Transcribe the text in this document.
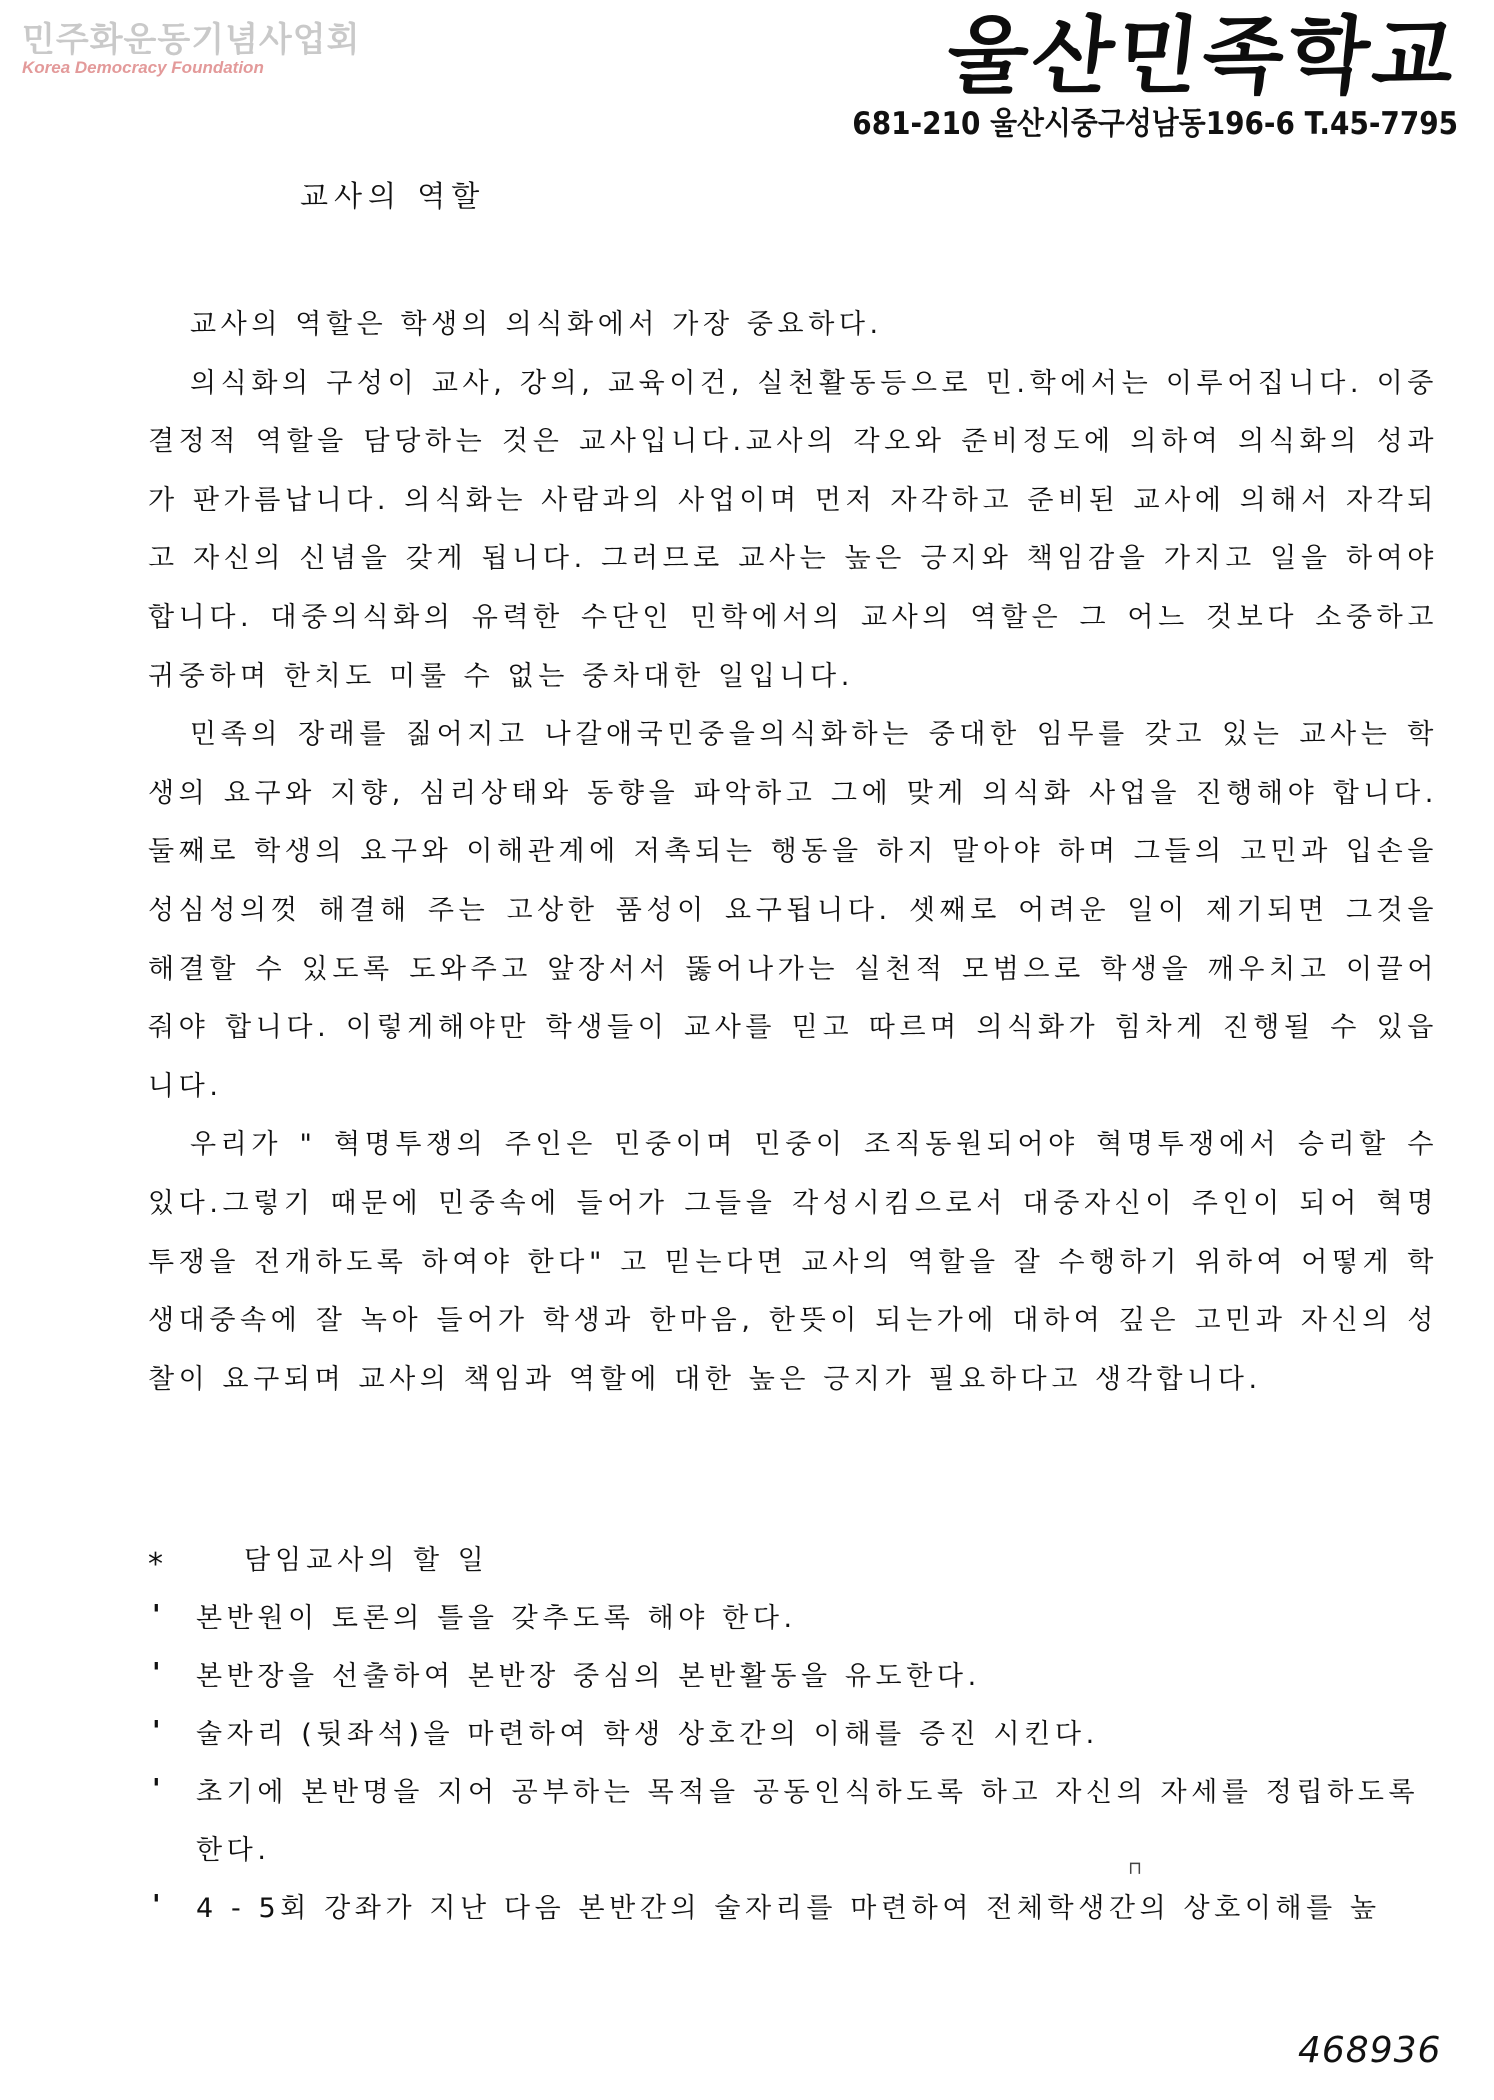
민주화운동기념사업회
Korea Democracy Foundation	울산민족학교
681-210 울산시중구성남동196-6 T.45-7795
교사의 역할

교사의 역할은 학생의 의식화에서 가장 중요하다.

의식화의 구성이 교사, 강의, 교육이건, 실천활동등으로 민.학에서는 이루어집니다. 이중 결정적 역할을 담당하는 것은 교사입니다.교사의 각오와 준비정도에 의하여 의식화의 성과가 판가름납니다. 의식화는 사람과의 사업이며 먼저 자각하고 준비된 교사에 의해서 자각되고 자신의 신념을 갖게 됩니다. 그러므로 교사는 높은 긍지와 책임감을 가지고 일을 하여야 합니다. 대중의식화의 유력한 수단인 민학에서의 교사의 역할은 그 어느 것보다 소중하고 귀중하며 한치도 미룰 수 없는 중차대한 일입니다.

민족의 장래를 짊어지고 나갈애국민중을의식화하는 중대한 임무를 갖고 있는 교사는 학생의 요구와 지향, 심리상태와 동향을 파악하고 그에 맞게 의식화 사업을 진행해야 합니다. 둘째로 학생의 요구와 이해관계에 저촉되는 행동을 하지 말아야 하며 그들의 고민과 입손을 성심성의껏 해결해 주는 고상한 품성이 요구됩니다. 셋째로 어려운 일이 제기되면 그것을 해결할 수 있도록 도와주고 앞장서서 뚫어나가는 실천적 모범으로 학생을 깨우치고 이끌어줘야 합니다. 이렇게해야만 학생들이 교사를 믿고 따르며 의식화가 힘차게 진행될 수 있읍니다.

우리가 " 혁명투쟁의 주인은 민중이며 민중이 조직동원되어야 혁명투쟁에서 승리할 수 있다.그렇기 때문에 민중속에 들어가 그들을 각성시킴으로서 대중자신이 주인이 되어 혁명투쟁을 전개하도록 하여야 한다" 고 믿는다면 교사의 역할을 잘 수행하기 위하여 어떻게 학생대중속에 잘 녹아 들어가 학생과 한마음, 한뜻이 되는가에 대하여 깊은 고민과 자신의 성찰이 요구되며 교사의 책임과 역할에 대한 높은 긍지가 필요하다고 생각합니다.

*	담임교사의 할 일
' 본반원이 토론의 틀을 갖추도록 해야 한다.
' 본반장을 선출하여 본반장 중심의 본반활동을 유도한다.
' 술자리 (뒷좌석)을 마련하여 학생 상호간의 이해를 증진 시킨다.
' 초기에 본반명을 지어 공부하는 목적을 공동인식하도록 하고 자신의 자세를 정립하도록 한다.
' 4 - 5회 강좌가 지난 다음 본반간의 술자리를 마련하여 전체학생간의 상호이해를 높
⊓
468936
